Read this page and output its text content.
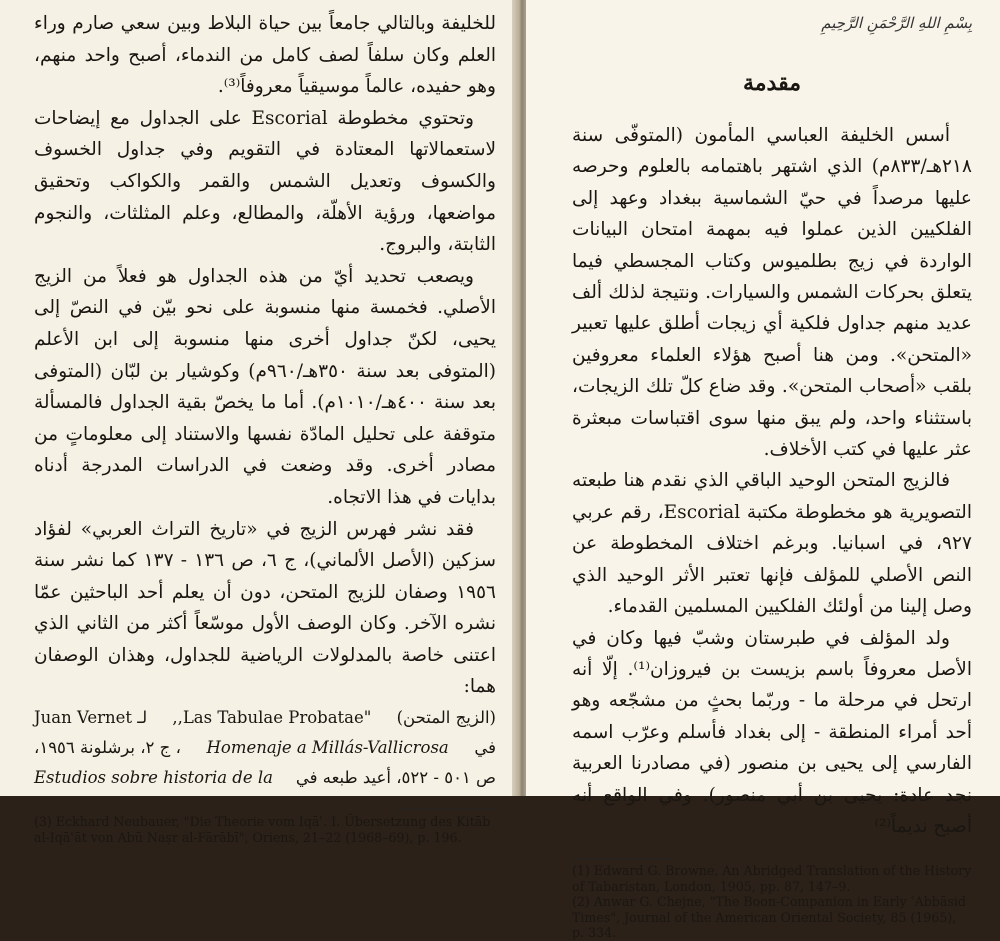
للخليفة وبالتالي جامعاً بين حياة البلاط وبين سعي صارم وراء العلم وكان سلفاً لصف كامل من الندماء، أصبح واحد منهم، وهو حفيده، عالماً موسيقياً معروفاً⁽³⁾.

وتحتوي مخطوطة Escorial على الجداول مع إيضاحات لاستعمالاتها المعتادة في التقويم وفي جداول الخسوف والكسوف وتعديل الشمس والقمر والكواكب وتحقيق مواضعها، ورؤية الأهلّة، والمطالع، وعلم المثلثات، والنجوم الثابتة، والبروج.

ويصعب تحديد أيّ من هذه الجداول هو فعلاً من الزيج الأصلي. فخمسة منها منسوبة على نحو بيّن في النصّ إلى يحيى، لكنّ جداول أخرى منها منسوبة إلى ابن الأعلم (المتوفى بعد سنة ٣٥٠هـ/٩٦٠م) وكوشيار بن لبّان (المتوفى بعد سنة ٤٠٠هـ/١٠١٠م). أما ما يخصّ بقية الجداول فالمسألة متوقفة على تحليل المادّة نفسها والاستناد إلى معلوماتٍ من مصادر أخرى. وقد وضعت في الدراسات المدرجة أدناه بدايات في هذا الاتجاه.

فقد نشر فهرس الزيج في «تاريخ التراث العربي» لفؤاد سزكين (الأصل الألماني)، ج ٦، ص ١٣٦ - ١٣٧ كما نشر سنة ١٩٥٦ وصفان للزيج المتحن، دون أن يعلم أحد الباحثين عمّا نشره الآخر. وكان الوصف الأول موسّعاً أكثر من الثاني الذي اعتنى خاصة بالمدلولات الرياضية للجداول، وهذان الوصفان هما:

Juan Vernet لـ ,,Las Tabulae Probatae" (الزيج المتحن)
، ج ٢، برشلونة ١٩٥٦، Homenaje a Millás-Vallicrosa في
Estudios sobre historia de la ص ٥٠١ - ٥٢٢، أعيد طبعه في

(3) Eckhard Neubauer, "Die Theorie vom Iqāʿ. I. Übersetzung des Kitāb al-Iqāʿāt von Abū Naṣr al-Fārābī", Oriens, 21–22 (1968–69), p. 196.

بِسْمِ اللهِ الرَّحْمَنِ الرَّحِيمِ
مقدمة

أسس الخليفة العباسي المأمون (المتوفّى سنة ٢١٨هـ/٨٣٣م) الذي اشتهر باهتمامه بالعلوم وحرصه عليها مرصداً في حيّ الشماسية ببغداد وعهد إلى الفلكيين الذين عملوا فيه بمهمة امتحان البيانات الواردة في زيج بطلميوس وكتاب المجسطي فيما يتعلق بحركات الشمس والسيارات. ونتيجة لذلك ألف عديد منهم جداول فلكية أي زيجات أطلق عليها تعبير «المتحن». ومن هنا أصبح هؤلاء العلماء معروفين بلقب «أصحاب المتحن». وقد ضاع كلّ تلك الزيجات، باستثناء واحد، ولم يبق منها سوى اقتباسات مبعثرة عثر عليها في كتب الأخلاف.

فالزيج المتحن الوحيد الباقي الذي نقدم هنا طبعته التصويرية هو مخطوطة مكتبة Escorial، رقم عربي ٩٢٧، في اسبانيا. وبرغم اختلاف المخطوطة عن النص الأصلي للمؤلف فإنها تعتبر الأثر الوحيد الذي وصل إلينا من أولئك الفلكيين المسلمين القدماء.

ولد المؤلف في طبرستان وشبّ فيها وكان في الأصل معروفاً باسم بزيست بن فيروزان⁽¹⁾. إلّا أنه ارتحل في مرحلة ما - وربّما بحثٍ من مشجّعه وهو أحد أمراء المنطقة - إلى بغداد فأسلم وعرّب اسمه الفارسي إلى يحيى بن منصور (في مصادرنا العربية نجد عادة: يحيى بن أبي منصور). وفي الواقع أنه أصبح نديماً⁽²⁾

(1) Edward G. Browne, An Abridged Translation of the History of Tabaristan, London, 1905, pp. 87, 147–9.

(2) Anwar G. Chejne, "The Boon-Companion in Early ʿAbbāsid Times", Journal of the American Oriental Society, 85 (1965), p. 334.
